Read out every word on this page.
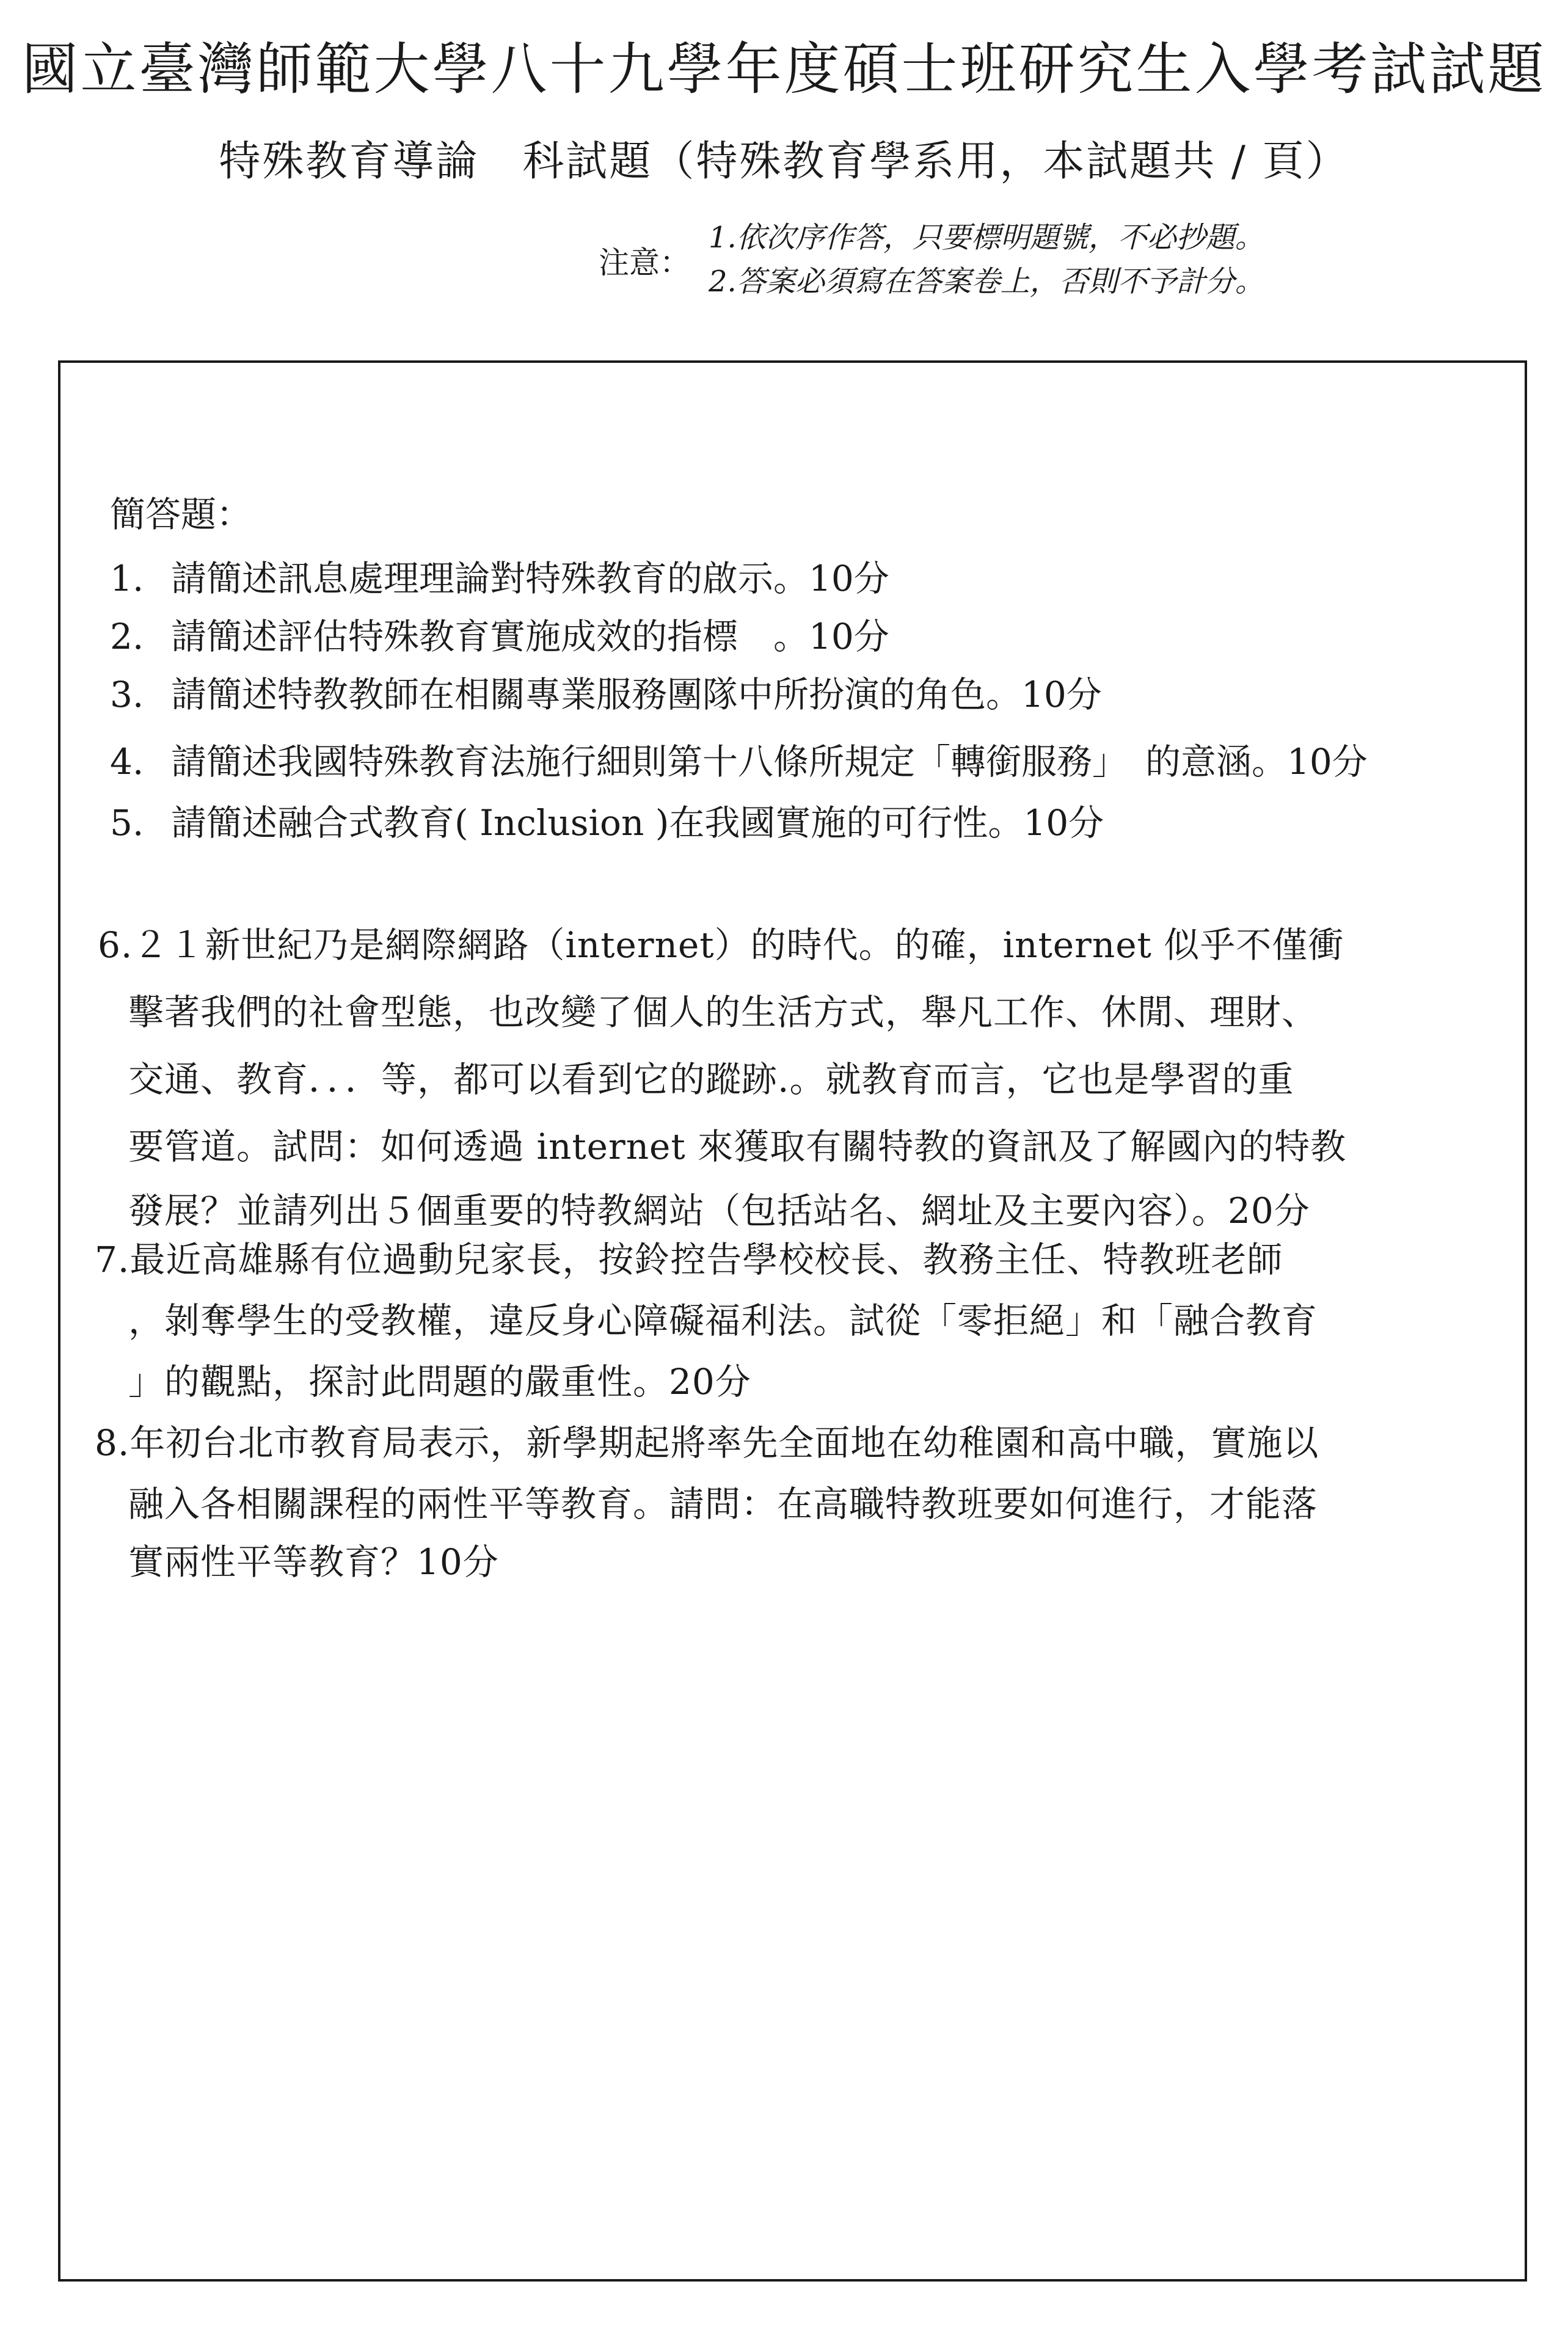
國立臺灣師範大學八十九學年度碩士班研究生入學考試試題
特殊教育導論　科試題（特殊教育學系用，本試題共 / 頁）
注意：
1.依次序作答，只要標明題號，不必抄題。
2.答案必須寫在答案卷上，否則不予計分。
簡答題：
1. 請簡述訊息處理理論對特殊教育的啟示。10分
2. 請簡述評估特殊教育實施成效的指標　。10分
3. 請簡述特教教師在相關專業服務團隊中所扮演的角色。10分
4. 請簡述我國特殊教育法施行細則第十八條所規定「轉銜服務」　的意涵。10分
5. 請簡述融合式教育( Inclusion )在我國實施的可行性。10分
6.２１新世紀乃是網際網路（internet）的時代。的確，internet 似乎不僅衝
擊著我們的社會型態，也改變了個人的生活方式，舉凡工作、休閒、理財、
交通、教育．．．等，都可以看到它的蹤跡.。就教育而言，它也是學習的重
要管道。試問：如何透過 internet 來獲取有關特教的資訊及了解國內的特教
發展？並請列出５個重要的特教網站（包括站名、網址及主要內容）。20分
7.最近高雄縣有位過動兒家長，按鈴控告學校校長、教務主任、特教班老師
，剝奪學生的受教權，違反身心障礙福利法。試從「零拒絕」和「融合教育
」的觀點，探討此問題的嚴重性。20分
8.年初台北市教育局表示，新學期起將率先全面地在幼稚園和高中職，實施以
融入各相關課程的兩性平等教育。請問：在高職特教班要如何進行，才能落
實兩性平等教育？10分
